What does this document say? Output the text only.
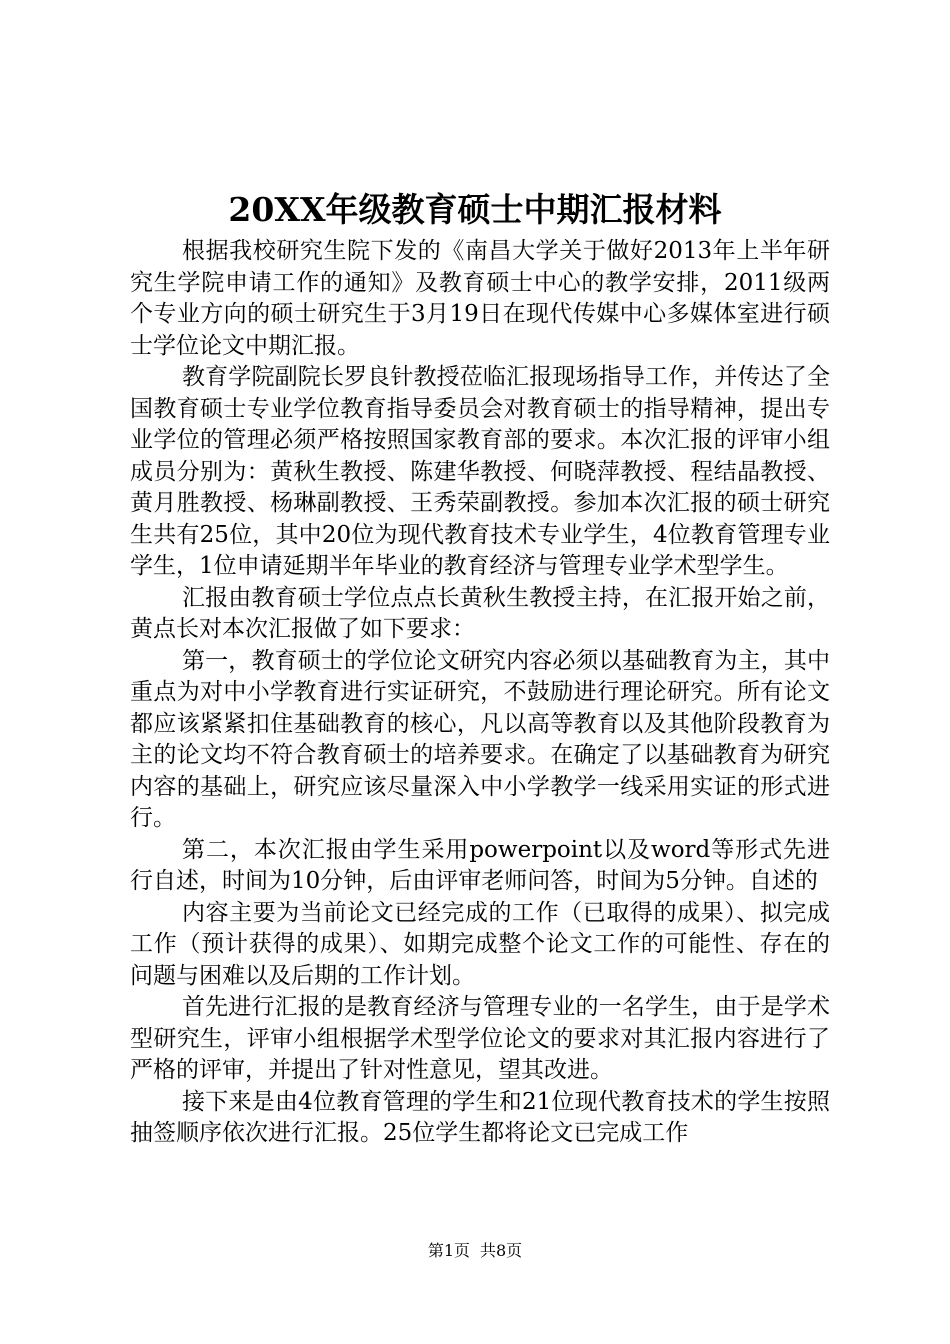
20XX年级教育硕士中期汇报材料

根据我校研究生院下发的《南昌大学关于做好2013年上半年研究生学院申请工作的通知》及教育硕士中心的教学安排，2011级两个专业方向的硕士研究生于3月19日在现代传媒中心多媒体室进行硕士学位论文中期汇报。

教育学院副院长罗良针教授莅临汇报现场指导工作，并传达了全国教育硕士专业学位教育指导委员会对教育硕士的指导精神，提出专业学位的管理必须严格按照国家教育部的要求。本次汇报的评审小组成员分别为：黄秋生教授、陈建华教授、何晓萍教授、程结晶教授、黄月胜教授、杨琳副教授、王秀荣副教授。参加本次汇报的硕士研究生共有25位，其中20位为现代教育技术专业学生，4位教育管理专业学生，1位申请延期半年毕业的教育经济与管理专业学术型学生。

汇报由教育硕士学位点点长黄秋生教授主持，在汇报开始之前，黄点长对本次汇报做了如下要求：

第一，教育硕士的学位论文研究内容必须以基础教育为主，其中重点为对中小学教育进行实证研究，不鼓励进行理论研究。所有论文都应该紧紧扣住基础教育的核心，凡以高等教育以及其他阶段教育为主的论文均不符合教育硕士的培养要求。在确定了以基础教育为研究内容的基础上，研究应该尽量深入中小学教学一线采用实证的形式进行。

第二，本次汇报由学生采用powerpoint以及word等形式先进行自述，时间为10分钟，后由评审老师问答，时间为5分钟。自述的

内容主要为当前论文已经完成的工作（已取得的成果）、拟完成工作（预计获得的成果）、如期完成整个论文工作的可能性、存在的问题与困难以及后期的工作计划。

首先进行汇报的是教育经济与管理专业的一名学生，由于是学术型研究生，评审小组根据学术型学位论文的要求对其汇报内容进行了严格的评审，并提出了针对性意见，望其改进。

接下来是由4位教育管理的学生和21位现代教育技术的学生按照抽签顺序依次进行汇报。25位学生都将论文已完成工作

第1页 共8页
